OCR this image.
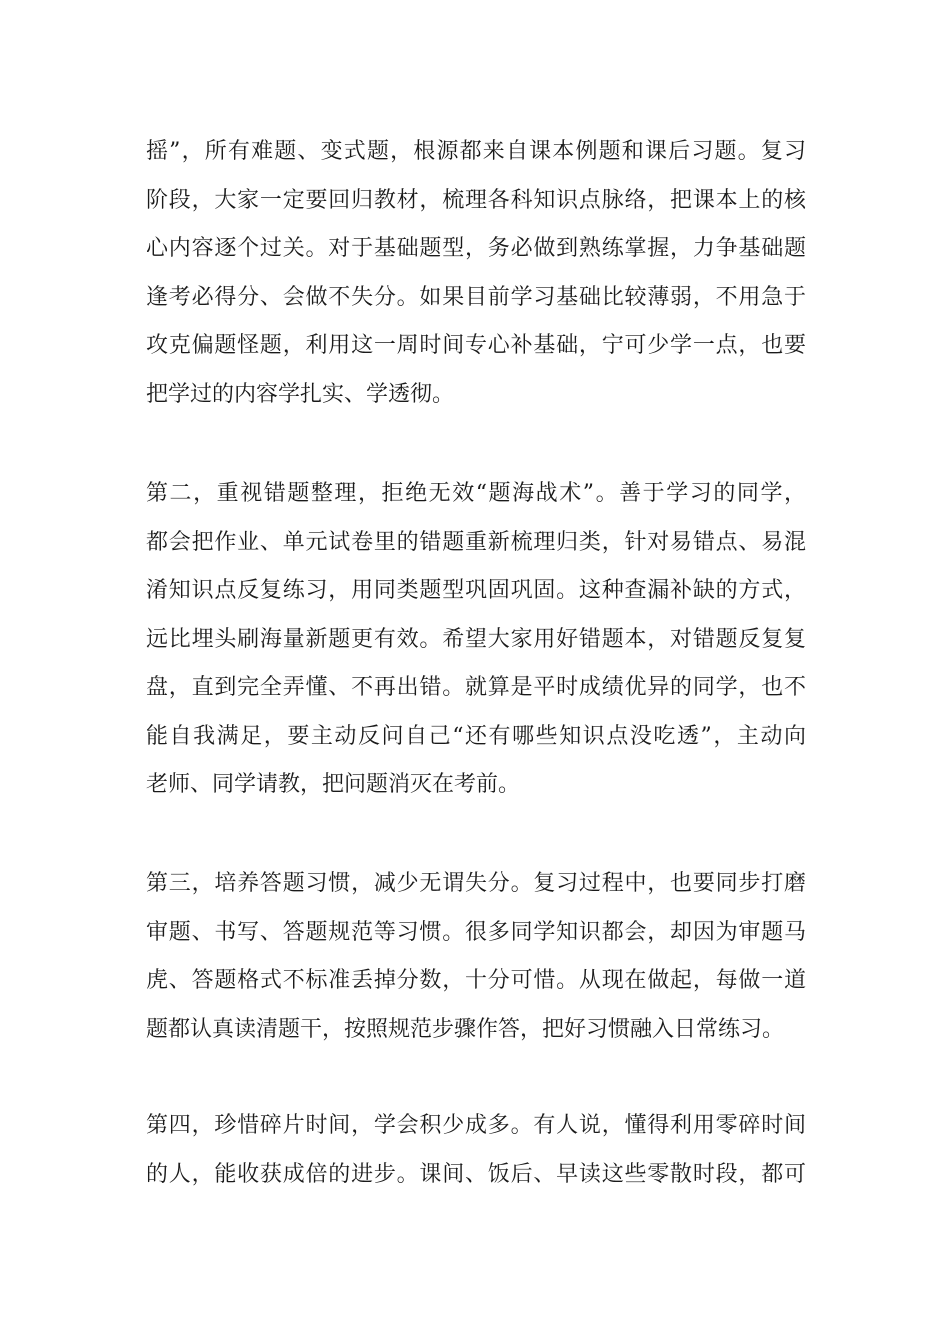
摇”，所有难题、变式题，根源都来自课本例题和课后习题。复习
阶段，大家一定要回归教材，梳理各科知识点脉络，把课本上的核
心内容逐个过关。对于基础题型，务必做到熟练掌握，力争基础题
逢考必得分、会做不失分。如果目前学习基础比较薄弱，不用急于
攻克偏题怪题，利用这一周时间专心补基础，宁可少学一点，也要
把学过的内容学扎实、学透彻。

第二，重视错题整理，拒绝无效“题海战术”。善于学习的同学，
都会把作业、单元试卷里的错题重新梳理归类，针对易错点、易混
淆知识点反复练习，用同类题型巩固巩固。这种查漏补缺的方式，
远比埋头刷海量新题更有效。希望大家用好错题本，对错题反复复
盘，直到完全弄懂、不再出错。就算是平时成绩优异的同学，也不
能自我满足，要主动反问自己“还有哪些知识点没吃透”，主动向
老师、同学请教，把问题消灭在考前。

第三，培养答题习惯，减少无谓失分。复习过程中，也要同步打磨
审题、书写、答题规范等习惯。很多同学知识都会，却因为审题马
虎、答题格式不标准丢掉分数，十分可惜。从现在做起，每做一道
题都认真读清题干，按照规范步骤作答，把好习惯融入日常练习。

第四，珍惜碎片时间，学会积少成多。有人说，懂得利用零碎时间
的人，能收获成倍的进步。课间、饭后、早读这些零散时段，都可
